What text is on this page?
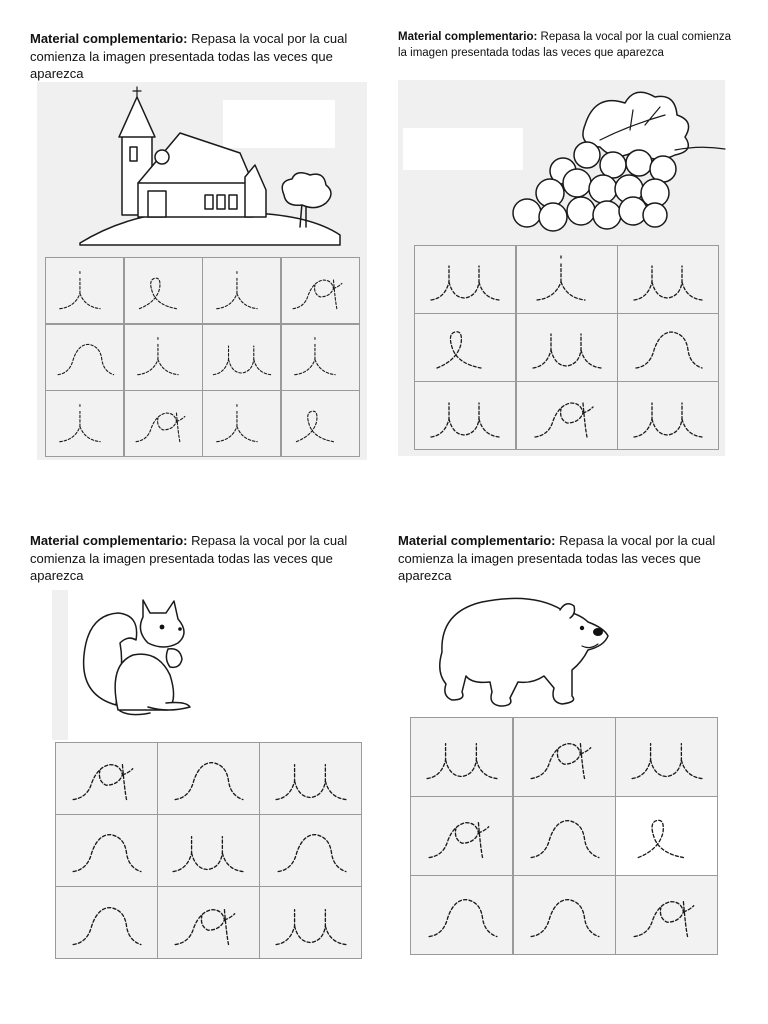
Material complementario: Repasa la vocal por la cual comienza la imagen presentada todas las veces que aparezca
Material complementario: Repasa la vocal por la cual comienza la imagen presentada todas las veces que aparezca
Material complementario: Repasa la vocal por la cual comienza la imagen presentada todas las veces que aparezca
Material complementario: Repasa la vocal por la cual comienza la imagen presentada todas las veces que aparezca
